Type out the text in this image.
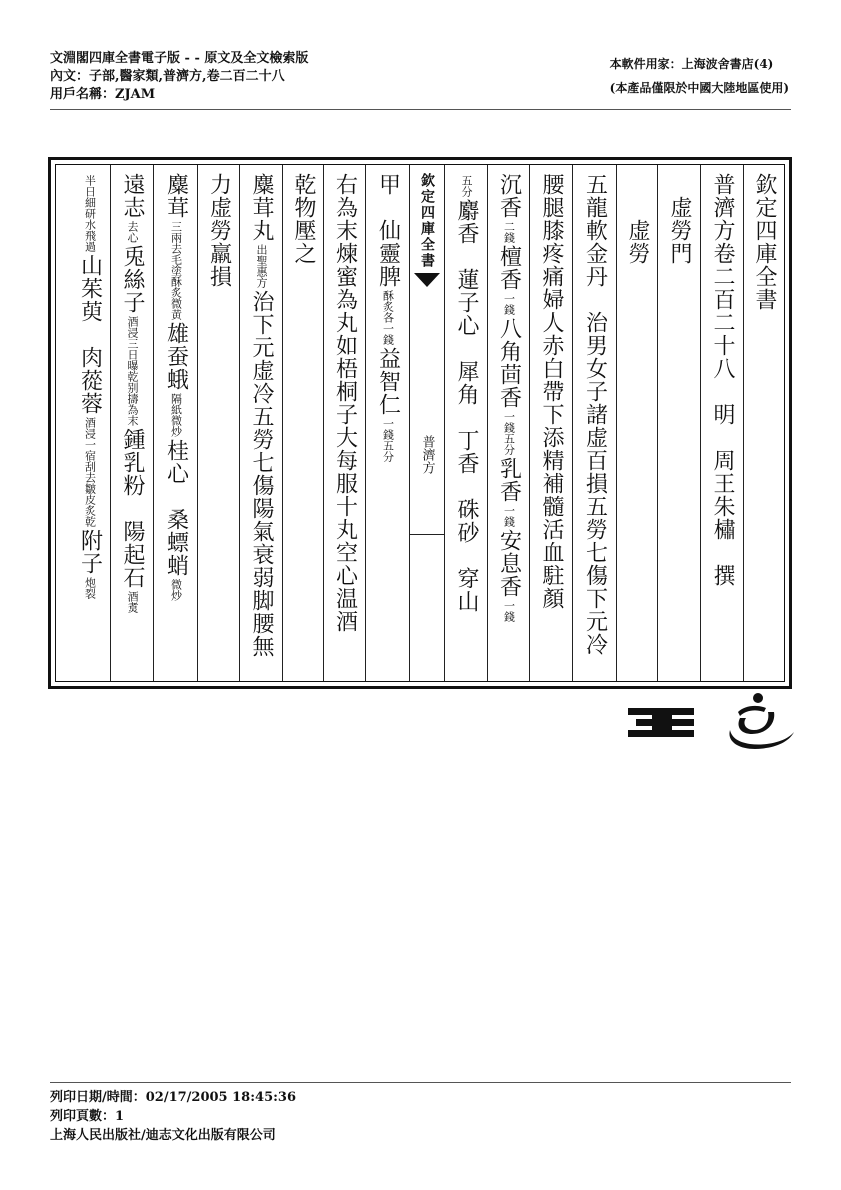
文淵閣四庫全書電子版 - - 原文及全文檢索版
內文：子部,醫家類,普濟方,卷二百二十八
用戶名稱：ZJAM
本軟件用家：上海波舍書店(4)
(本產品僅限於中國大陸地區使用)
欽定四庫全書
普濟方卷二百二十八　明　周王朱橚　撰
　虚勞門
　　虚勞
五龍軟金丹　治男女子諸虚百損五勞七傷下元冷
腰腿膝疼痛婦人赤白帶下添精補髓活血駐顏
沉香
二錢
檀香
一錢
八角茴香
一錢五分
乳香
一錢
安息香
一錢
五分
麝香　蓮子心　犀角　丁香　硃砂　穿山
欽定四庫全書
普濟方
甲　仙靈脾
酥炙各一錢
益智仁
一錢五分
右為末煉蜜為丸如梧桐子大每服十丸空心温酒
乾物壓之
麋茸丸
出聖惠方
治下元虚冷五勞七傷陽氣衰弱脚腰無
力虚勞羸損
麋茸
三兩去毛塗酥炙微黄
雄蚕蛾
隔紙微炒
桂心　桑螵蛸
微炒
遠志
去心
兎絲子
酒浸三日曝乾别擣為末
鍾乳粉　陽起石
酒煑
半日細研水飛過
山茱萸　肉蓯蓉
酒浸一宿刮去皺皮炙乾
附子
炮裂
列印日期/時間：02/17/2005 18:45:36
列印頁數：1
上海人民出版社/迪志文化出版有限公司
